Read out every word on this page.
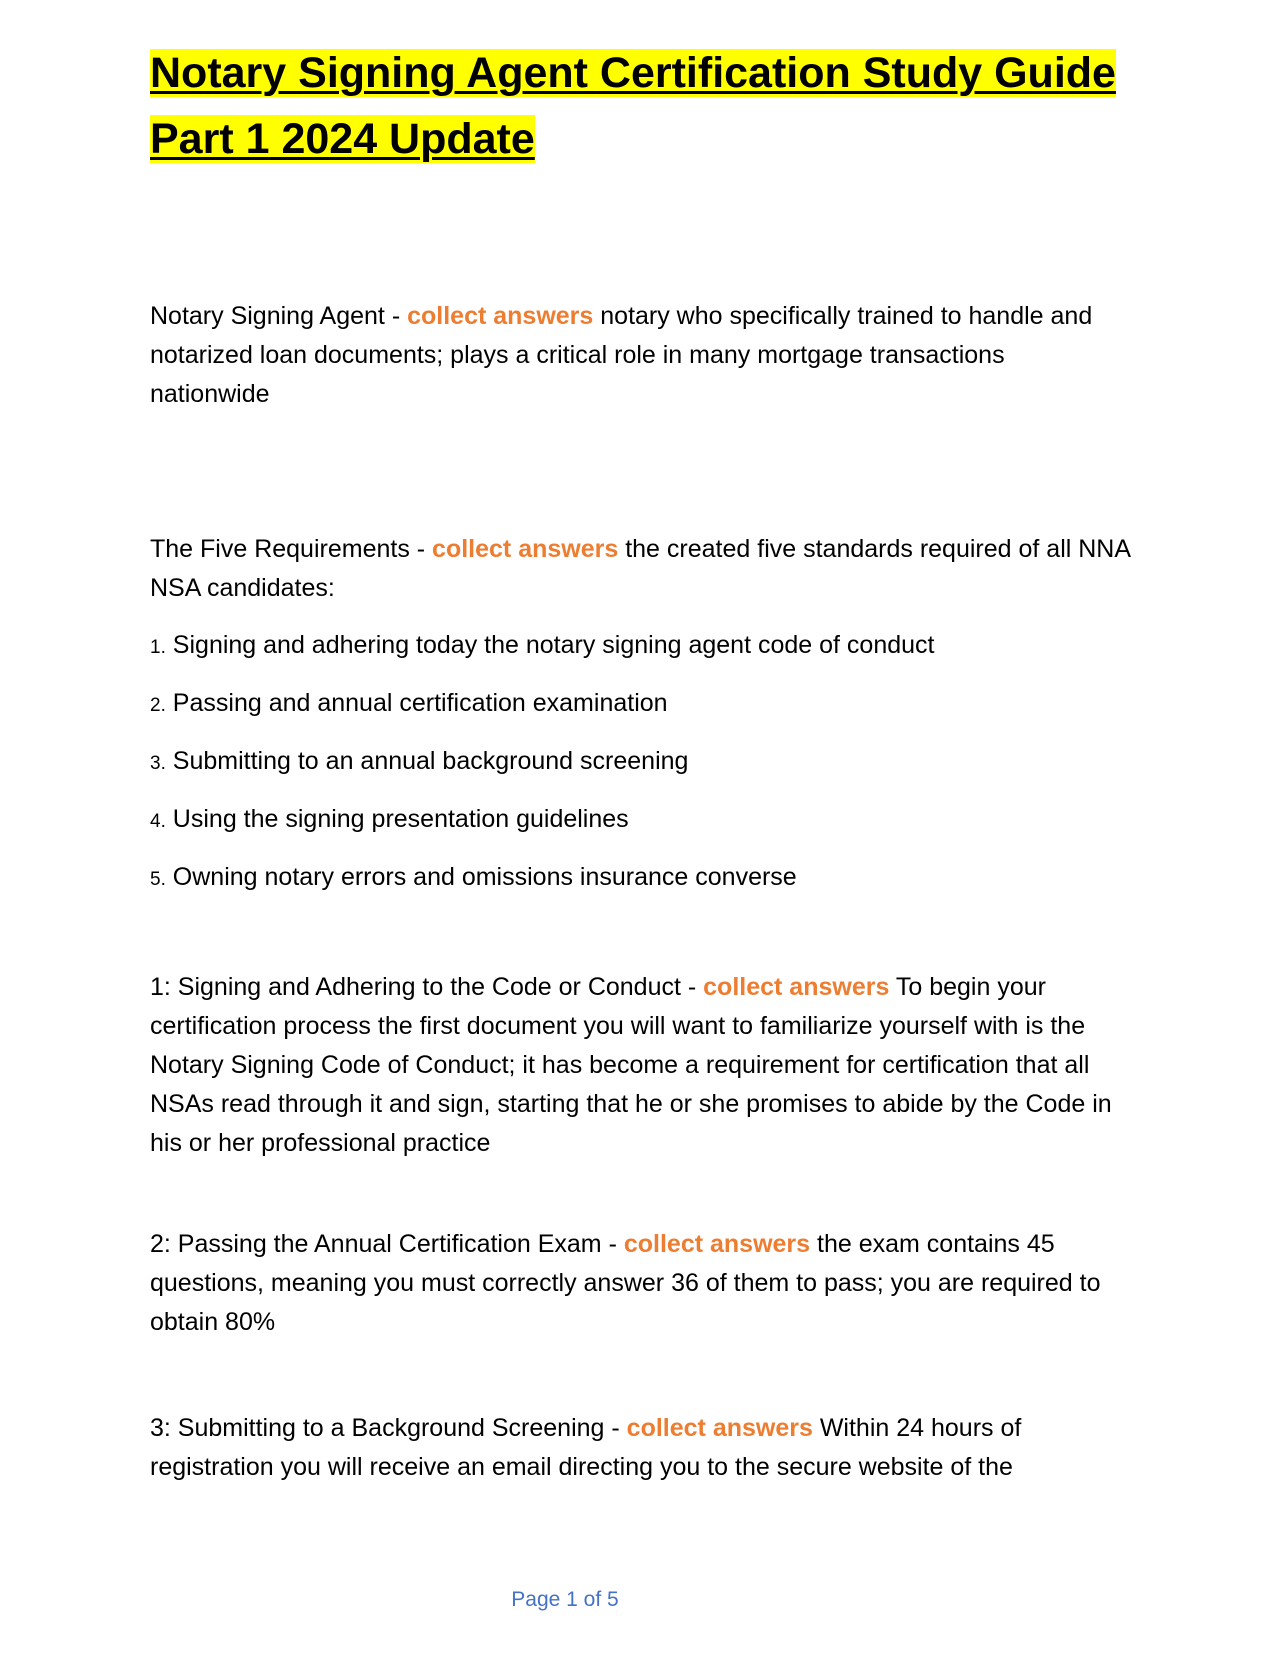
Notary Signing Agent Certification Study Guide
Part 1 2024 Update

Notary Signing Agent - collect answers notary who specifically trained to handle and notarized loan documents; plays a critical role in many mortgage transactions nationwide

The Five Requirements - collect answers the created five standards required of all NNA NSA candidates:

1. Signing and adhering today the notary signing agent code of conduct

2. Passing and annual certification examination

3. Submitting to an annual background screening

4. Using the signing presentation guidelines

5. Owning notary errors and omissions insurance converse

1: Signing and Adhering to the Code or Conduct - collect answers To begin your certification process the first document you will want to familiarize yourself with is the Notary Signing Code of Conduct; it has become a requirement for certification that all NSAs read through it and sign, starting that he or she promises to abide by the Code in his or her professional practice

2: Passing the Annual Certification Exam - collect answers the exam contains 45 questions, meaning you must correctly answer 36 of them to pass; you are required to obtain 80%

3: Submitting to a Background Screening - collect answers Within 24 hours of registration you will receive an email directing you to the secure website of the

Page 1 of 5
